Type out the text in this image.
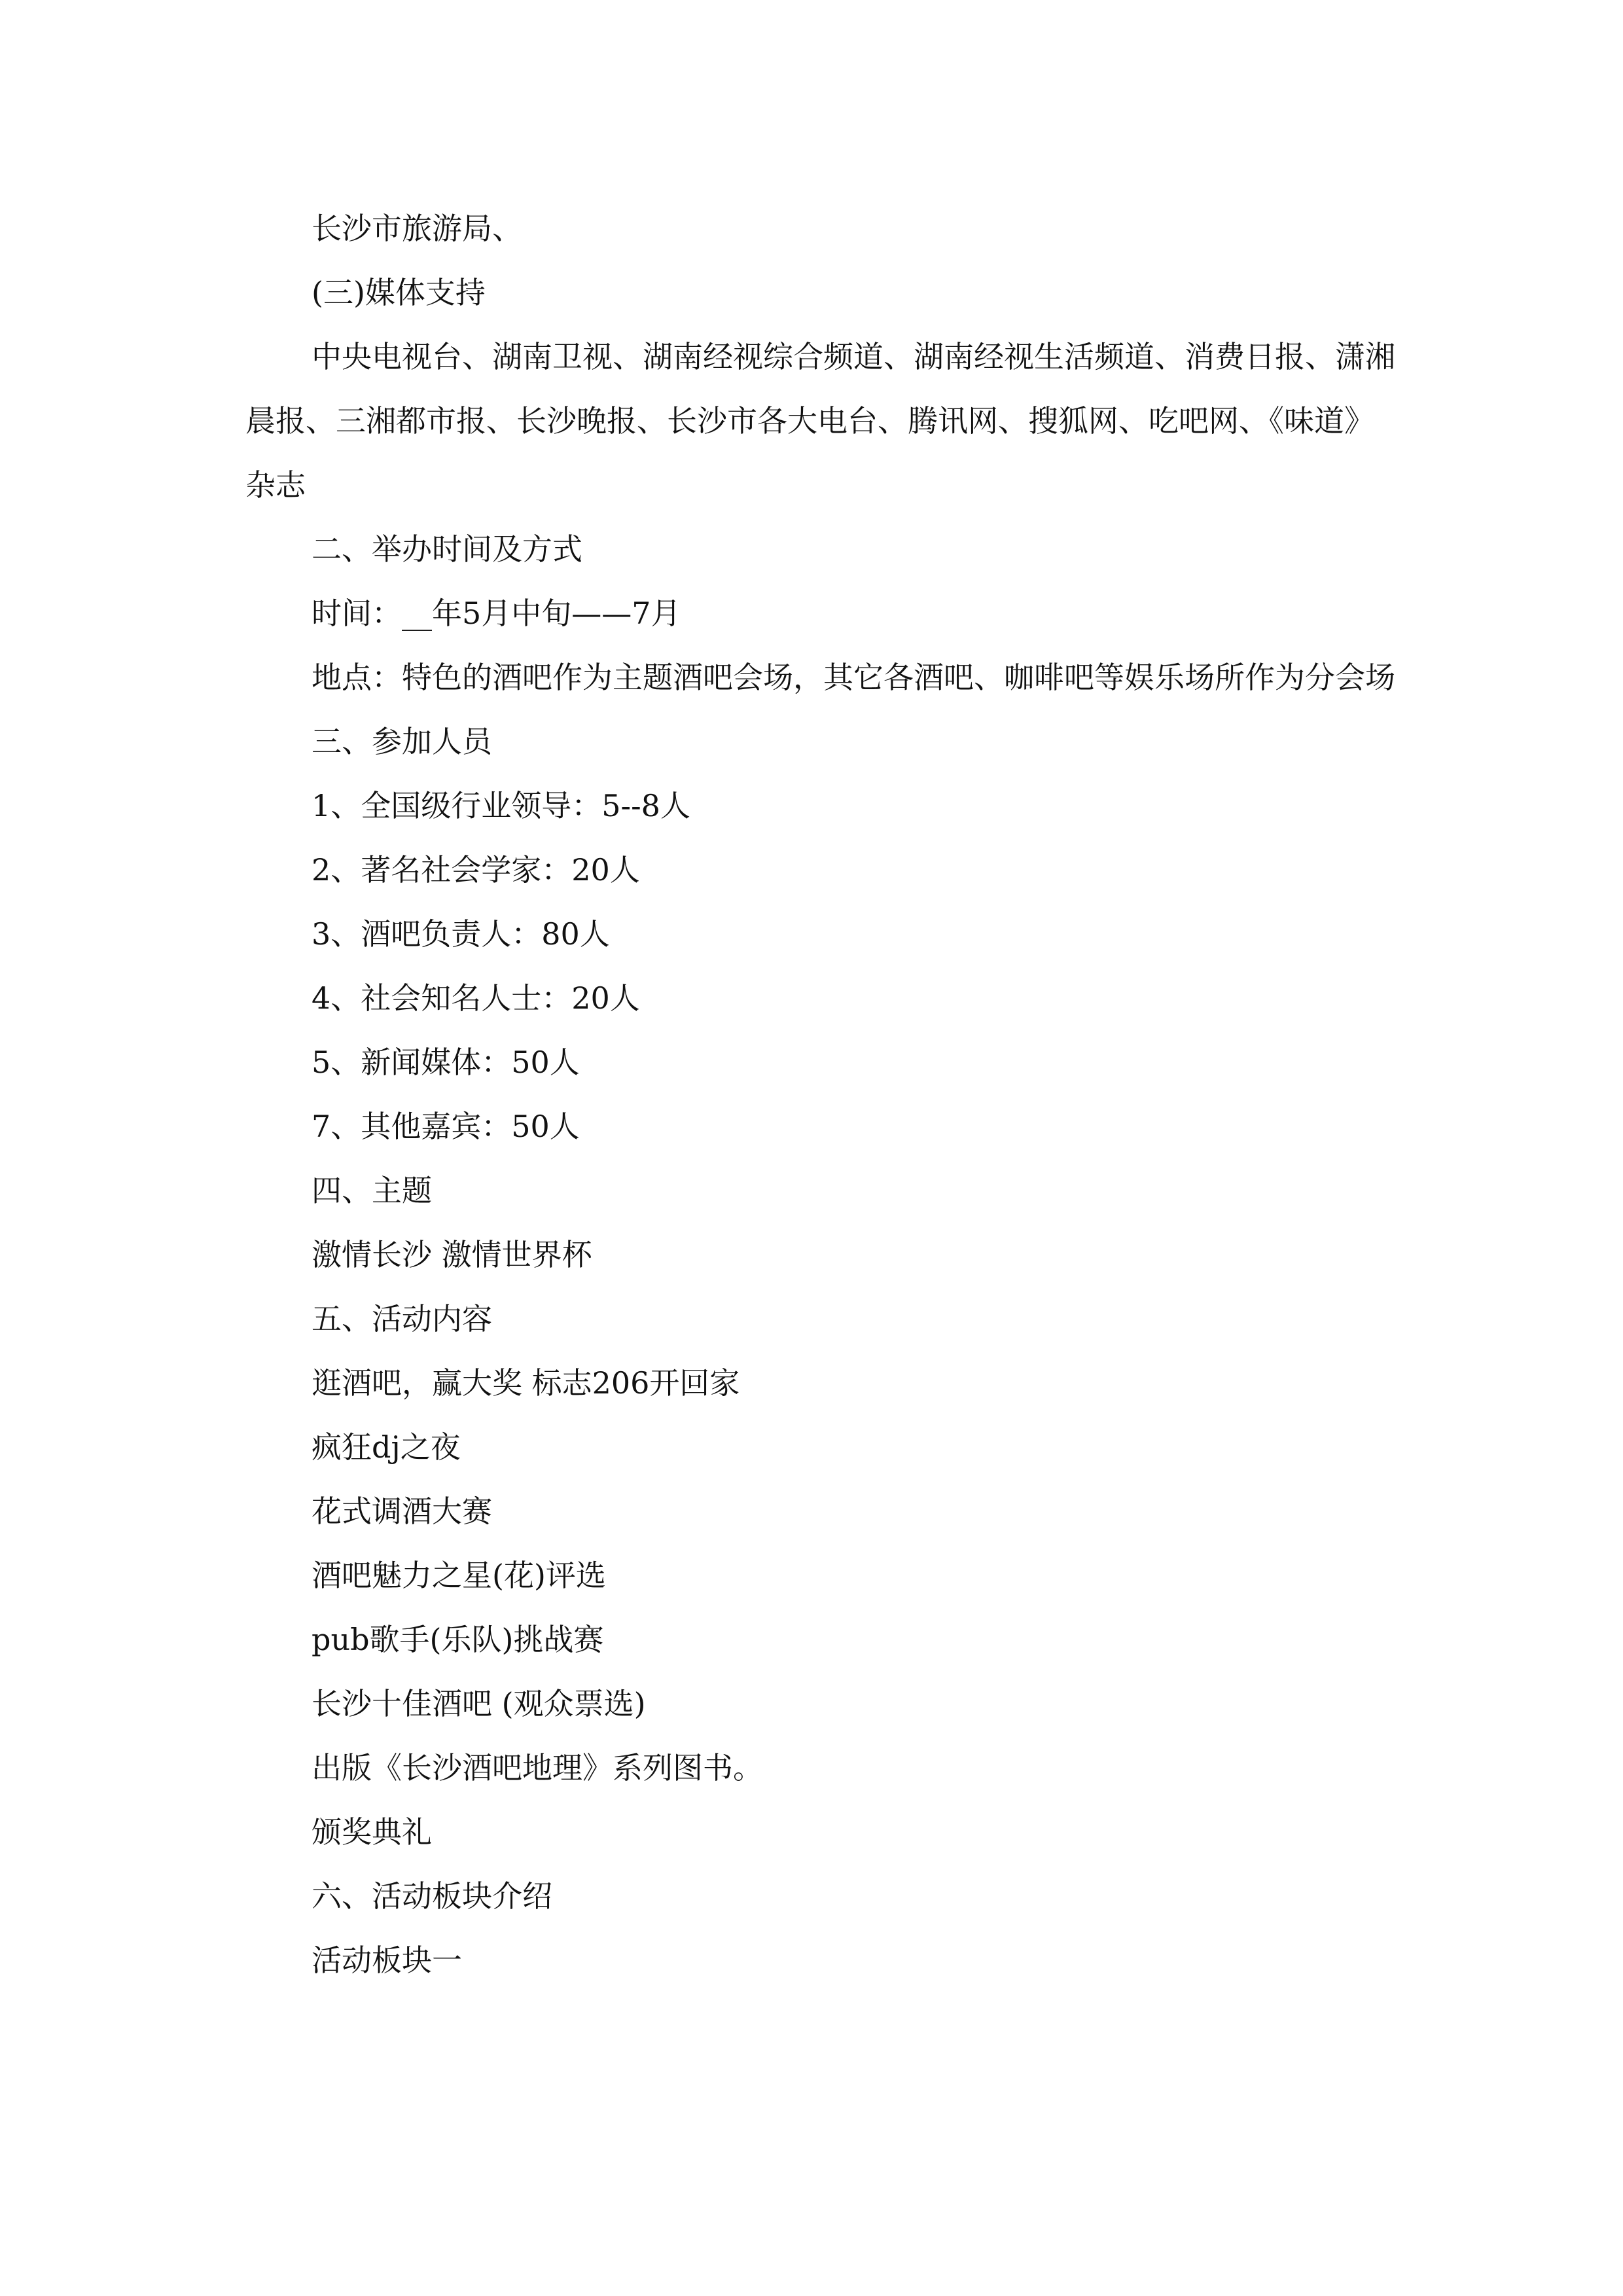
长沙市旅游局、

(三)媒体支持

中央电视台、湖南卫视、湖南经视综合频道、湖南经视生活频道、消费日报、潇湘晨报、三湘都市报、长沙晚报、长沙市各大电台、腾讯网、搜狐网、吃吧网、《味道》杂志

二、举办时间及方式

时间：__年5月中旬——7月

地点：特色的酒吧作为主题酒吧会场，其它各酒吧、咖啡吧等娱乐场所作为分会场

三、参加人员

1、全国级行业领导：5--8人

2、著名社会学家：20人

3、酒吧负责人：80人

4、社会知名人士：20人

5、新闻媒体：50人

7、其他嘉宾：50人

四、主题

激情长沙 激情世界杯

五、活动内容

逛酒吧，赢大奖 标志206开回家

疯狂dj之夜

花式调酒大赛

酒吧魅力之星(花)评选

pub歌手(乐队)挑战赛

长沙十佳酒吧 (观众票选)

出版《长沙酒吧地理》系列图书。

颁奖典礼

六、活动板块介绍

活动板块一
